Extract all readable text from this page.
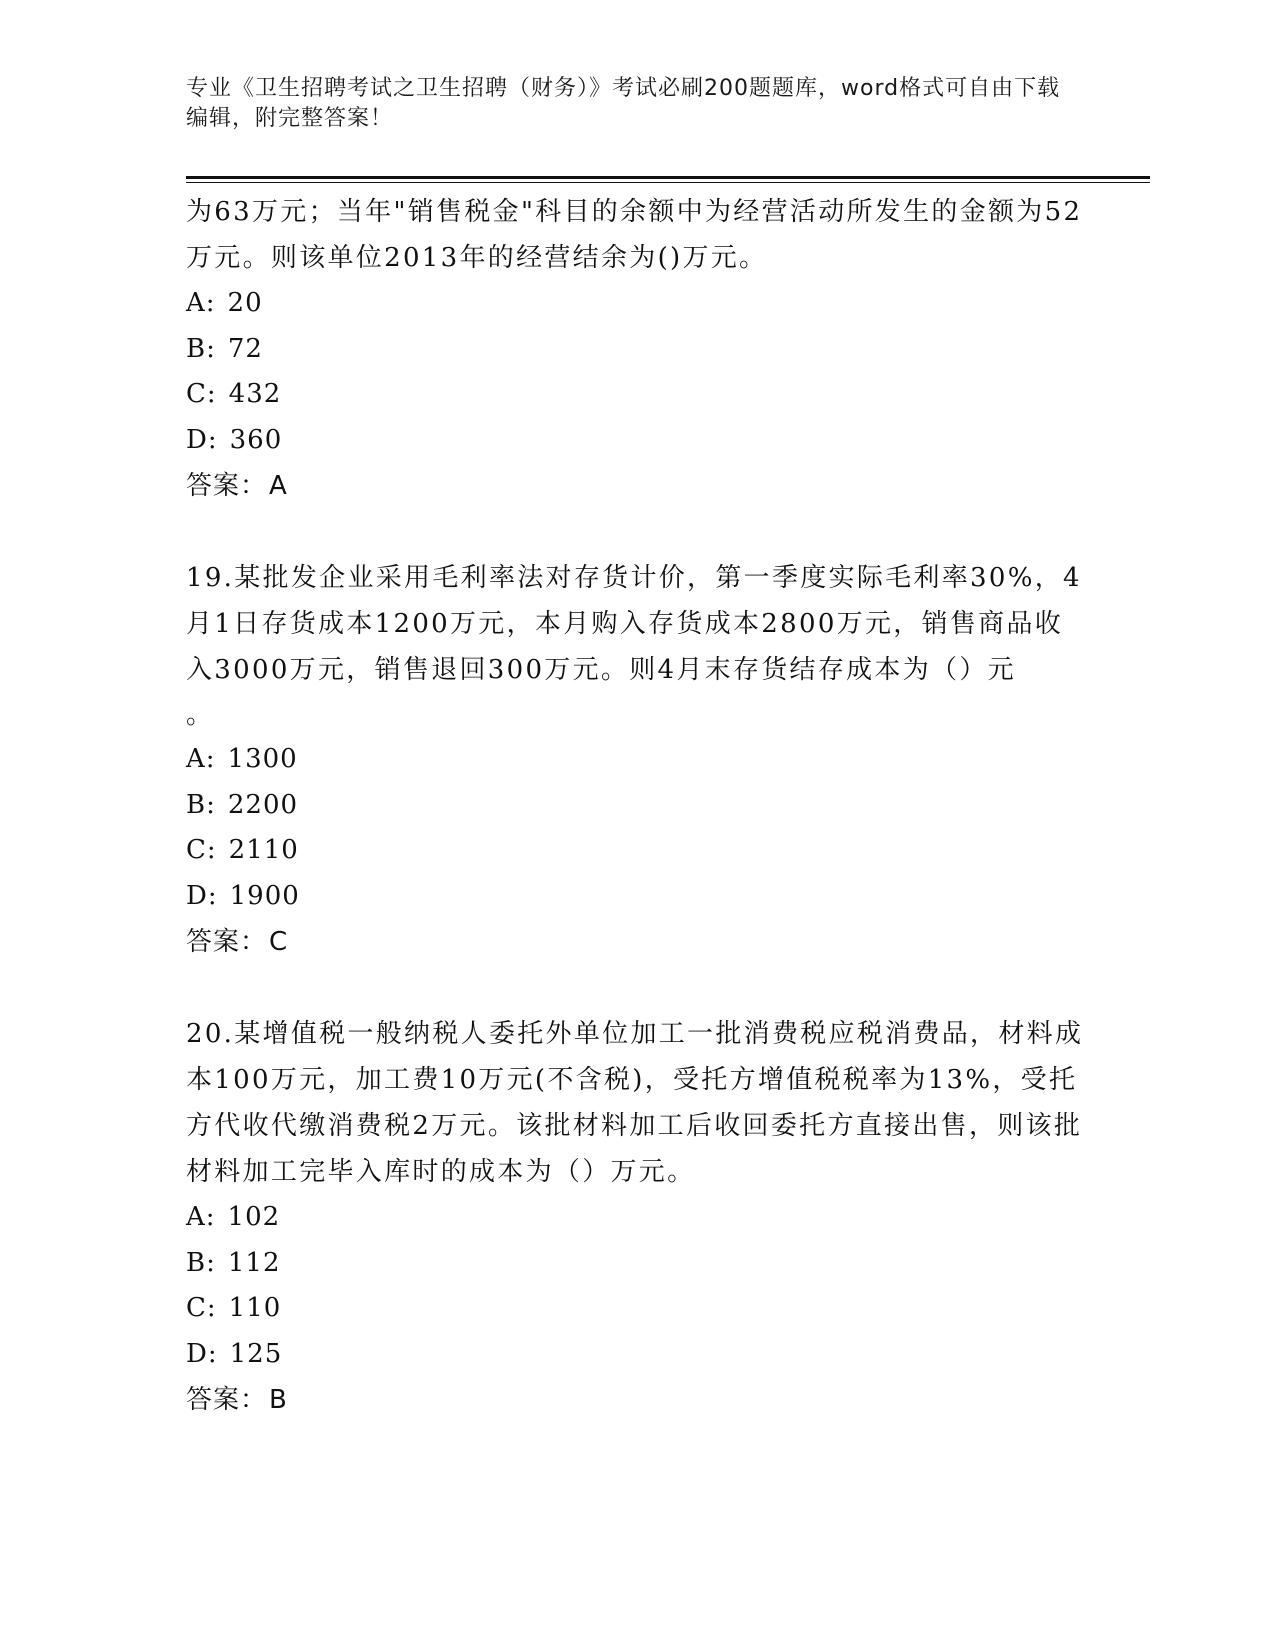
专业《卫生招聘考试之卫生招聘（财务）》考试必刷200题题库，word格式可自由下载编辑，附完整答案！

为63万元；当年"销售税金"科目的余额中为经营活动所发生的金额为52万元。则该单位2013年的经营结余为()万元。

A: 20

B: 72

C: 432

D: 360

答案：A

19.某批发企业采用毛利率法对存货计价，第一季度实际毛利率30%，4月1日存货成本1200万元，本月购入存货成本2800万元，销售商品收入3000万元，销售退回300万元。则4月末存货结存成本为（）元

。

A: 1300

B: 2200

C: 2110

D: 1900

答案：C

20.某增值税一般纳税人委托外单位加工一批消费税应税消费品，材料成本100万元，加工费10万元(不含税)，受托方增值税税率为13%，受托方代收代缴消费税2万元。该批材料加工后收回委托方直接出售，则该批材料加工完毕入库时的成本为（）万元。

A: 102

B: 112

C: 110

D: 125

答案：B
